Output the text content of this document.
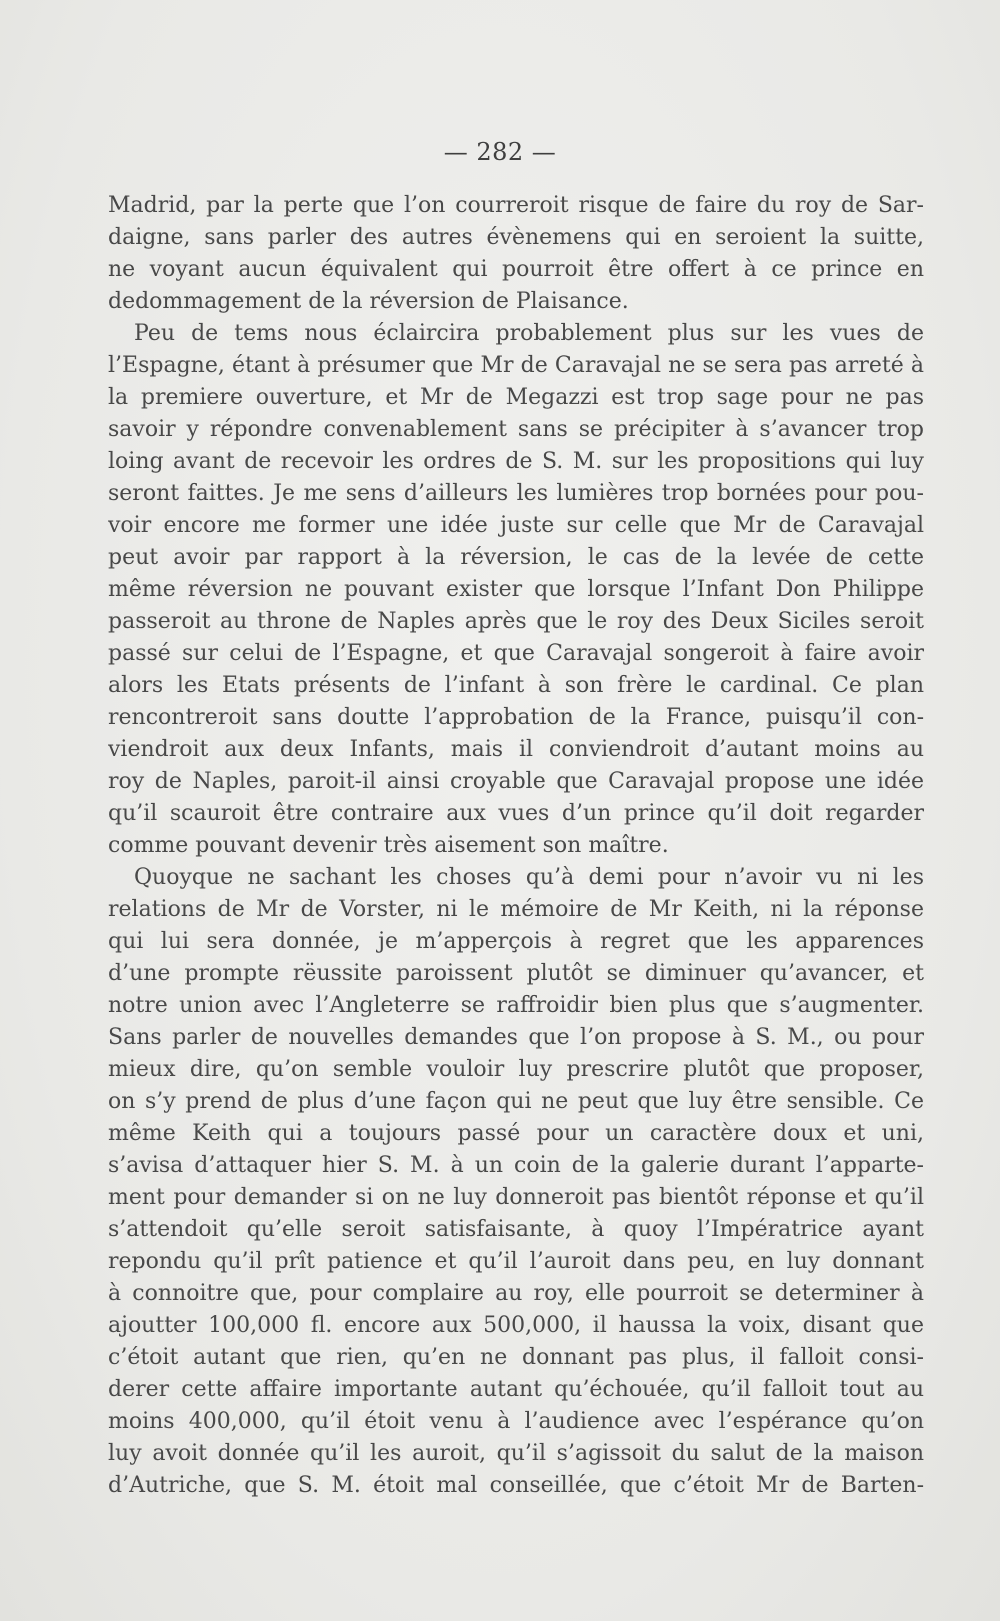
— 282 —
Madrid, par la perte que l’on courreroit risque de faire du roy de Sar-
daigne, sans parler des autres évènemens qui en seroient la suitte,
ne voyant aucun équivalent qui pourroit être offert à ce prince en
dedommagement de la réversion de Plaisance.
Peu de tems nous éclaircira probablement plus sur les vues de
l’Espagne, étant à présumer que Mr de Caravajal ne se sera pas arreté à
la premiere ouverture, et Mr de Megazzi est trop sage pour ne pas
savoir y répondre convenablement sans se précipiter à s’avancer trop
loing avant de recevoir les ordres de S. M. sur les propositions qui luy
seront faittes. Je me sens d’ailleurs les lumières trop bornées pour pou-
voir encore me former une idée juste sur celle que Mr de Caravajal
peut avoir par rapport à la réversion, le cas de la levée de cette
même réversion ne pouvant exister que lorsque l’Infant Don Philippe
passeroit au throne de Naples après que le roy des Deux Siciles seroit
passé sur celui de l’Espagne, et que Caravajal songeroit à faire avoir
alors les Etats présents de l’infant à son frère le cardinal. Ce plan
rencontreroit sans doutte l’approbation de la France, puisqu’il con-
viendroit aux deux Infants, mais il conviendroit d’autant moins au
roy de Naples, paroit-il ainsi croyable que Caravajal propose une idée
qu’il scauroit être contraire aux vues d’un prince qu’il doit regarder
comme pouvant devenir très aisement son maître.
Quoyque ne sachant les choses qu’à demi pour n’avoir vu ni les
relations de Mr de Vorster, ni le mémoire de Mr Keith, ni la réponse
qui lui sera donnée, je m’apperçois à regret que les apparences
d’une prompte rëussite paroissent plutôt se diminuer qu’avancer, et
notre union avec l’Angleterre se raffroidir bien plus que s’augmenter.
Sans parler de nouvelles demandes que l’on propose à S. M., ou pour
mieux dire, qu’on semble vouloir luy prescrire plutôt que proposer,
on s’y prend de plus d’une façon qui ne peut que luy être sensible. Ce
même Keith qui a toujours passé pour un caractère doux et uni,
s’avisa d’attaquer hier S. M. à un coin de la galerie durant l’apparte-
ment pour demander si on ne luy donneroit pas bientôt réponse et qu’il
s’attendoit qu’elle seroit satisfaisante, à quoy l’Impératrice ayant
repondu qu’il prît patience et qu’il l’auroit dans peu, en luy donnant
à connoitre que, pour complaire au roy, elle pourroit se determiner à
ajoutter 100,000 fl. encore aux 500,000, il haussa la voix, disant que
c’étoit autant que rien, qu’en ne donnant pas plus, il falloit consi-
derer cette affaire importante autant qu’échouée, qu’il falloit tout au
moins 400,000, qu’il étoit venu à l’audience avec l’espérance qu’on
luy avoit donnée qu’il les auroit, qu’il s’agissoit du salut de la maison
d’Autriche, que S. M. étoit mal conseillée, que c’étoit Mr de Barten-
